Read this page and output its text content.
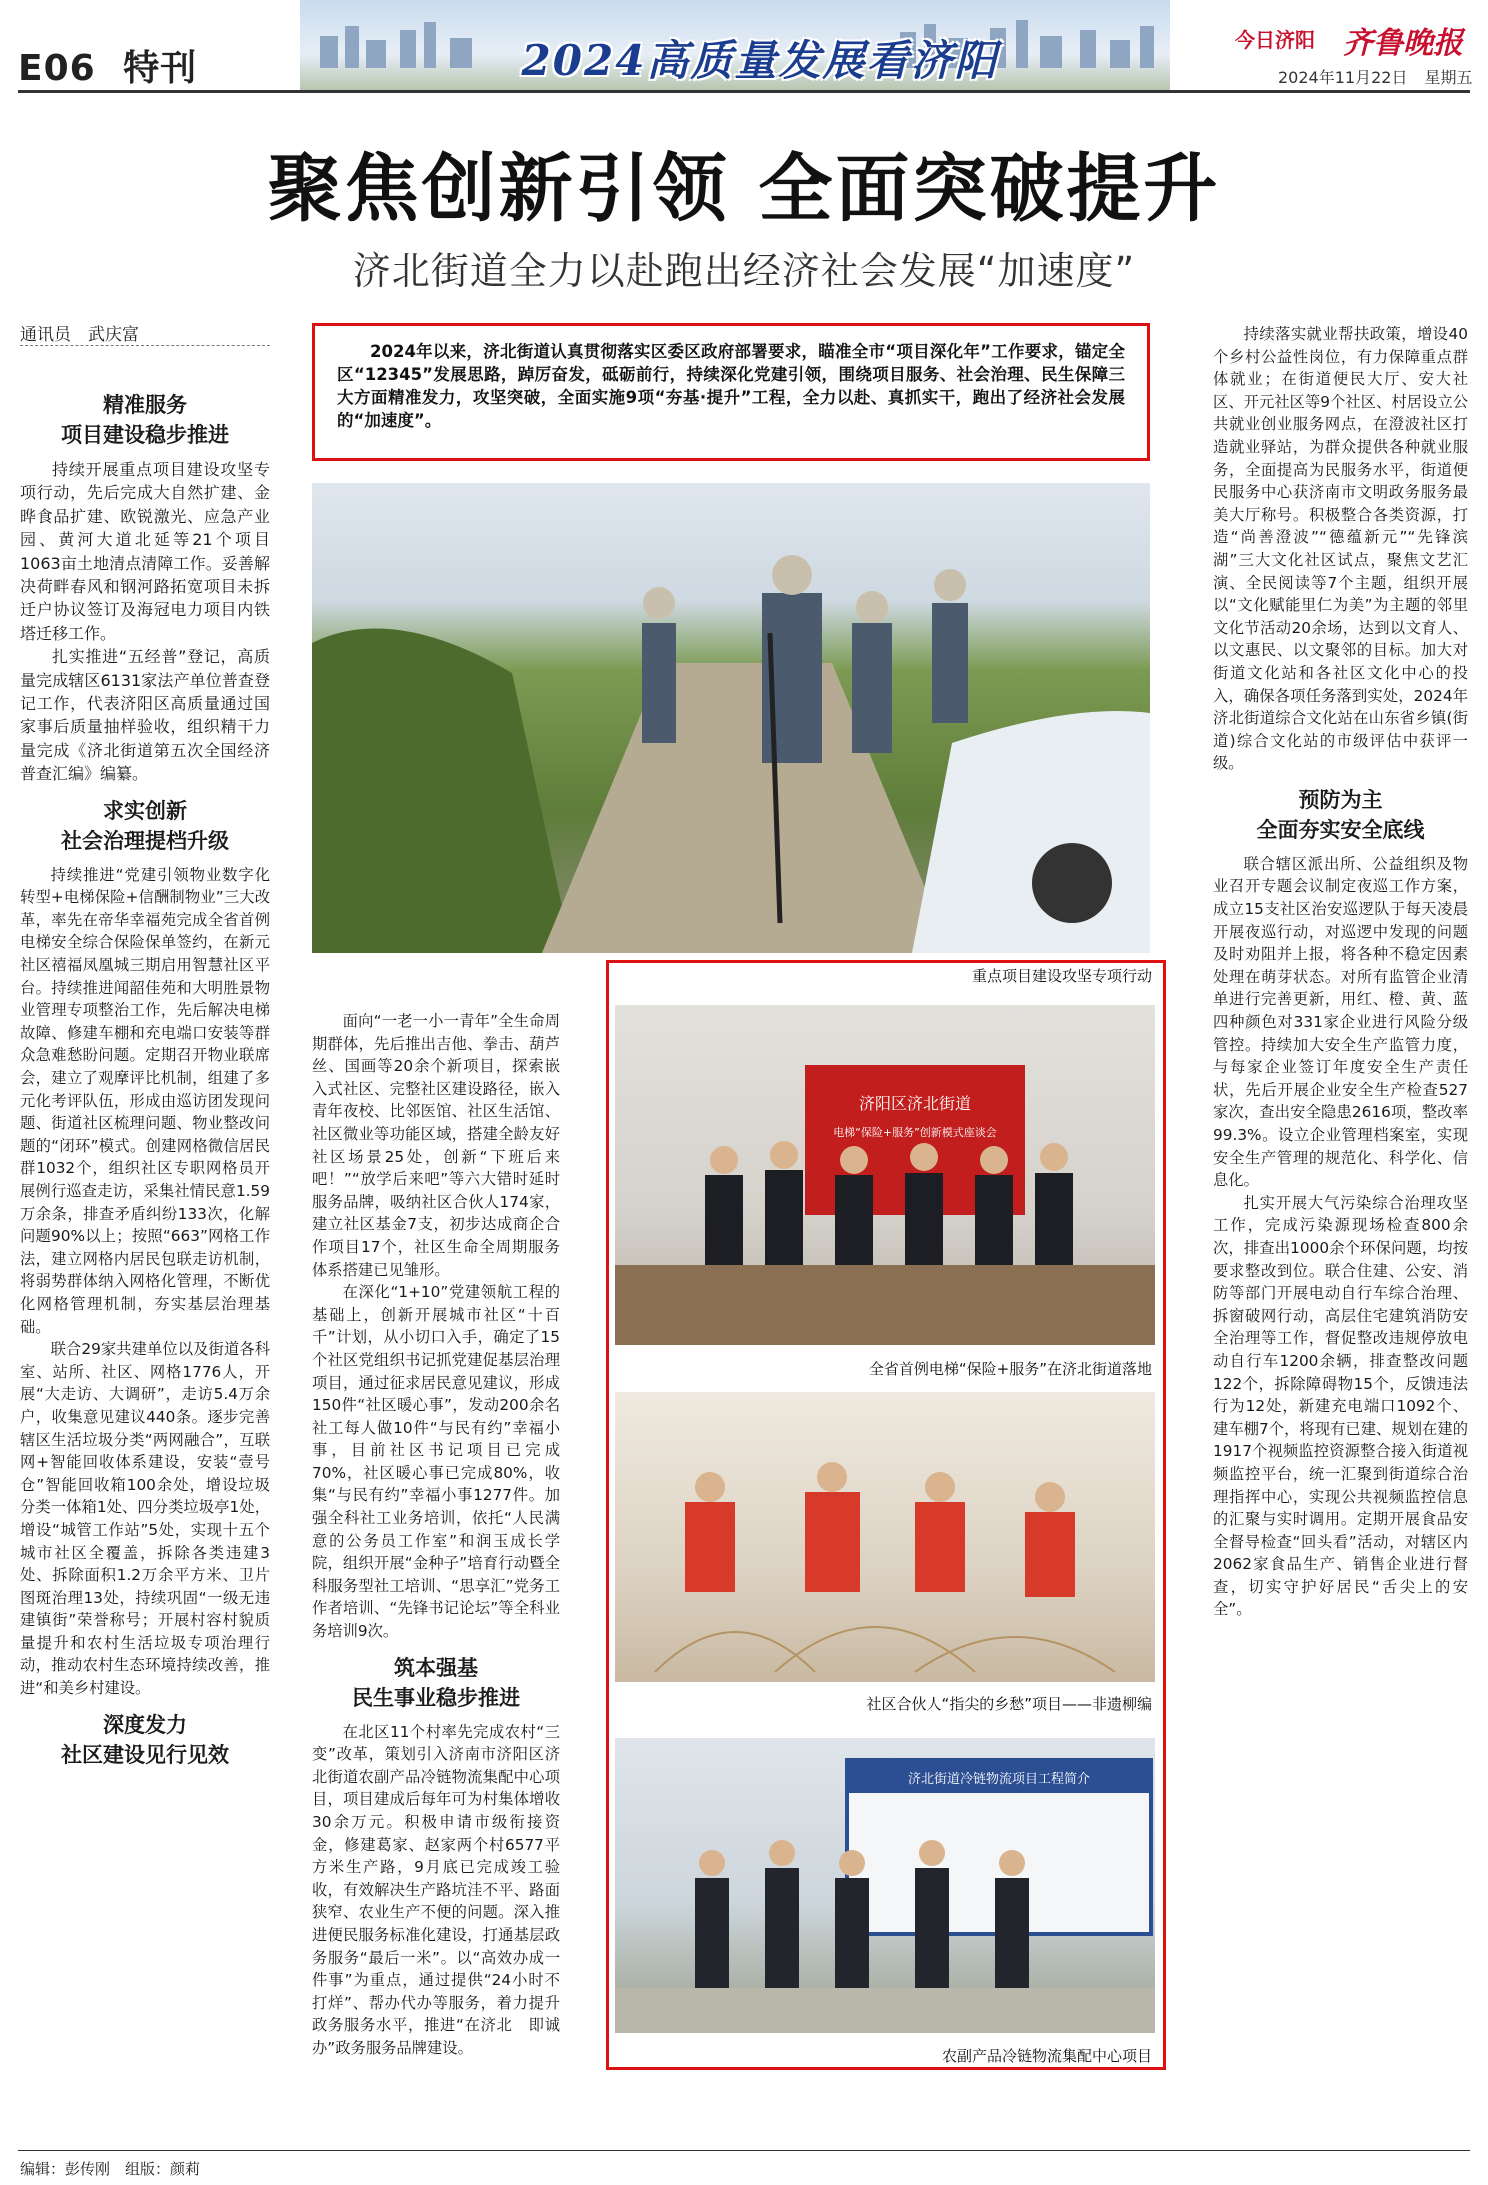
2024高质量发展看济阳
E06 特刊
今日济阳 齐鲁晚报
2024年11月22日 星期五
聚焦创新引领 全面突破提升
济北街道全力以赴跑出经济社会发展“加速度”
通讯员　武庆富
2024年以来，济北街道认真贯彻落实区委区政府部署要求，瞄准全市“项目深化年”工作要求，锚定全区“12345”发展思路，踔厉奋发，砥砺前行，持续深化党建引领，围绕项目服务、社会治理、民生保障三大方面精准发力，攻坚突破，全面实施9项“夯基·提升”工程，全力以赴、真抓实干，跑出了经济社会发展的“加速度”。
精准服务
项目建设稳步推进

持续开展重点项目建设攻坚专项行动，先后完成大自然扩建、金晔食品扩建、欧锐激光、应急产业园、黄河大道北延等21个项目1063亩土地清点清障工作。妥善解决荷畔春风和钢河路拓宽项目未拆迁户协议签订及海冠电力项目内铁塔迁移工作。

扎实推进“五经普”登记，高质量完成辖区6131家法产单位普查登记工作，代表济阳区高质量通过国家事后质量抽样验收，组织精干力量完成《济北街道第五次全国经济普查汇编》编纂。

求实创新
社会治理提档升级

持续推进“党建引领物业数字化转型+电梯保险+信酬制物业”三大改革，率先在帝华幸福苑完成全省首例电梯安全综合保险保单签约，在新元社区禧福凤凰城三期启用智慧社区平台。持续推进闻韶佳苑和大明胜景物业管理专项整治工作，先后解决电梯故障、修建车棚和充电端口安装等群众急难愁盼问题。定期召开物业联席会，建立了观摩评比机制，组建了多元化考评队伍，形成由巡访团发现问题、街道社区梳理问题、物业整改问题的“闭环”模式。创建网格微信居民群1032个，组织社区专职网格员开展例行巡查走访，采集社情民意1.59万余条，排查矛盾纠纷133次，化解问题90%以上；按照“663”网格工作法，建立网格内居民包联走访机制，将弱势群体纳入网格化管理，不断优化网格管理机制，夯实基层治理基础。

联合29家共建单位以及街道各科室、站所、社区、网格1776人，开展“大走访、大调研”，走访5.4万余户，收集意见建议440条。逐步完善辖区生活垃圾分类“两网融合”，互联网+智能回收体系建设，安装“壹号仓”智能回收箱100余处，增设垃圾分类一体箱1处、四分类垃圾亭1处，增设“城管工作站”5处，实现十五个城市社区全覆盖，拆除各类违建3处、拆除面积1.2万余平方米、卫片图斑治理13处，持续巩固“一级无违建镇街”荣誉称号；开展村容村貌质量提升和农村生活垃圾专项治理行动，推动农村生态环境持续改善，推进“和美乡村建设。

深度发力
社区建设见行见效

面向“一老一小一青年”全生命周期群体，先后推出吉他、拳击、葫芦丝、国画等20余个新项目，探索嵌入式社区、完整社区建设路径，嵌入青年夜校、比邻医馆、社区生活馆、社区微业等功能区域，搭建全龄友好社区场景25处，创新“下班后来吧！”“放学后来吧”等六大错时延时服务品牌，吸纳社区合伙人174家，建立社区基金7支，初步达成商企合作项目17个，社区生命全周期服务体系搭建已见雏形。

在深化“1+10”党建领航工程的基础上，创新开展城市社区“十百千”计划，从小切口入手，确定了15个社区党组织书记抓党建促基层治理项目，通过征求居民意见建议，形成150件“社区暖心事”，发动200余名社工每人做10件“与民有约”幸福小事，目前社区书记项目已完成70%，社区暖心事已完成80%，收集“与民有约”幸福小事1277件。加强全科社工业务培训，依托“人民满意的公务员工作室”和润玉成长学院，组织开展“金种子”培育行动暨全科服务型社工培训、“思享汇”党务工作者培训、“先锋书记论坛”等全科业务培训9次。

筑本强基
民生事业稳步推进

在北区11个村率先完成农村“三变”改革，策划引入济南市济阳区济北街道农副产品冷链物流集配中心项目，项目建成后每年可为村集体增收30余万元。积极申请市级衔接资金，修建葛家、赵家两个村6577平方米生产路，9月底已完成竣工验收，有效解决生产路坑洼不平、路面狭窄、农业生产不便的问题。深入推进便民服务标准化建设，打通基层政务服务“最后一米”。以“高效办成一件事”为重点，通过提供“24小时不打烊”、帮办代办等服务，着力提升政务服务水平，推进“在济北　即诚办”政务服务品牌建设。

重点项目建设攻坚专项行动
济阳区济北街道
电梯“保险+服务”创新模式座谈会
全省首例电梯“保险+服务”在济北街道落地
社区合伙人“指尖的乡愁”项目——非遗柳编
济北街道冷链物流项目工程简介
农副产品冷链物流集配中心项目

持续落实就业帮扶政策，增设40个乡村公益性岗位，有力保障重点群体就业；在街道便民大厅、安大社区、开元社区等9个社区、村居设立公共就业创业服务网点，在澄波社区打造就业驿站，为群众提供各种就业服务，全面提高为民服务水平，街道便民服务中心获济南市文明政务服务最美大厅称号。积极整合各类资源，打造“尚善澄波”“德蕴新元”“先锋滨湖”三大文化社区试点，聚焦文艺汇演、全民阅读等7个主题，组织开展以“文化赋能里仁为美”为主题的邻里文化节活动20余场，达到以文育人、以文惠民、以文聚邻的目标。加大对街道文化站和各社区文化中心的投入，确保各项任务落到实处，2024年济北街道综合文化站在山东省乡镇(街道)综合文化站的市级评估中获评一级。

预防为主
全面夯实安全底线

联合辖区派出所、公益组织及物业召开专题会议制定夜巡工作方案，成立15支社区治安巡逻队于每天凌晨开展夜巡行动，对巡逻中发现的问题及时劝阻并上报，将各种不稳定因素处理在萌芽状态。对所有监管企业清单进行完善更新，用红、橙、黄、蓝四种颜色对331家企业进行风险分级管控。持续加大安全生产监管力度，与每家企业签订年度安全生产责任状，先后开展企业安全生产检查527家次，查出安全隐患2616项，整改率99.3%。设立企业管理档案室，实现安全生产管理的规范化、科学化、信息化。

扎实开展大气污染综合治理攻坚工作，完成污染源现场检查800余次，排查出1000余个环保问题，均按要求整改到位。联合住建、公安、消防等部门开展电动自行车综合治理、拆窗破网行动，高层住宅建筑消防安全治理等工作，督促整改违规停放电动自行车1200余辆，排查整改问题122个，拆除障碍物15个，反馈违法行为12处，新建充电端口1092个、建车棚7个，将现有已建、规划在建的1917个视频监控资源整合接入街道视频监控平台，统一汇聚到街道综合治理指挥中心，实现公共视频监控信息的汇聚与实时调用。定期开展食品安全督导检查“回头看”活动，对辖区内2062家食品生产、销售企业进行督查，切实守护好居民“舌尖上的安全”。

编辑：彭传刚　组版：颜莉
